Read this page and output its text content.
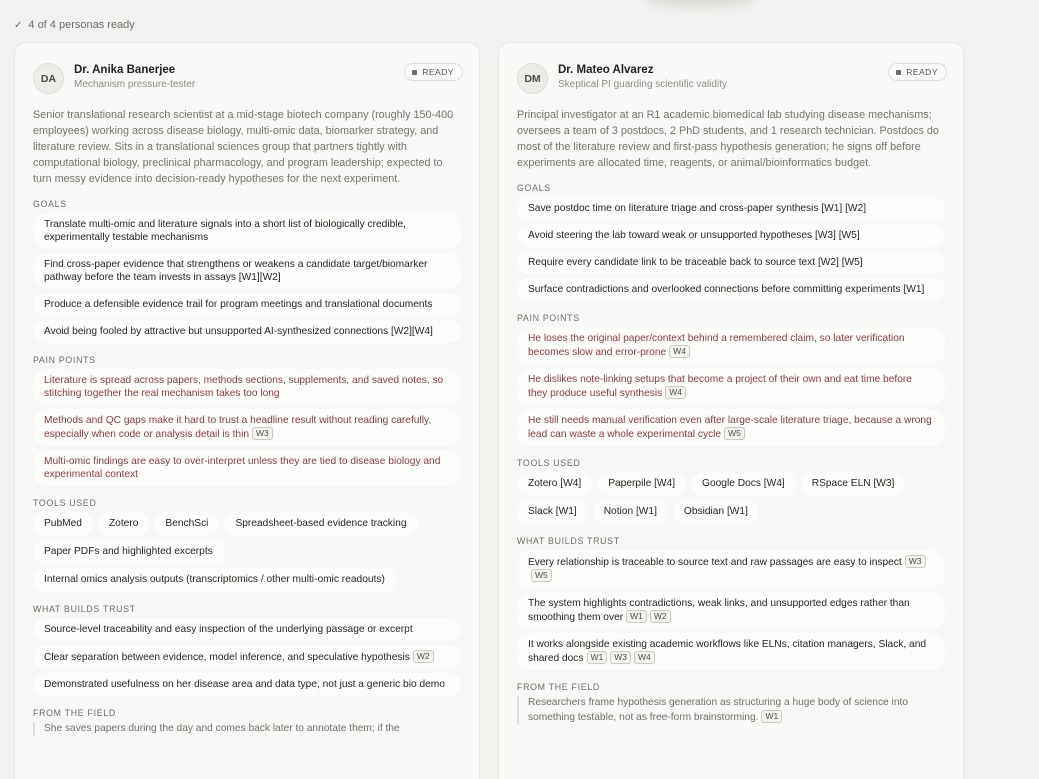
✓ 4 of 4 personas ready
DA
Dr. Anika Banerjee
Mechanism pressure-tester
READY

Senior translational research scientist at a mid-stage biotech company (roughly 150-400 employees) working across disease biology, multi-omic data, biomarker strategy, and literature review. Sits in a translational sciences group that partners tightly with computational biology, preclinical pharmacology, and program leadership; expected to turn messy evidence into decision-ready hypotheses for the next experiment.

GOALS
Translate multi-omic and literature signals into a short list of biologically credible, experimentally testable mechanisms
Find cross-paper evidence that strengthens or weakens a candidate target/biomarker pathway before the team invests in assays [W1][W2]
Produce a defensible evidence trail for program meetings and translational documents
Avoid being fooled by attractive but unsupported AI-synthesized connections [W2][W4]
PAIN POINTS
Literature is spread across papers, methods sections, supplements, and saved notes, so stitching together the real mechanism takes too long
Methods and QC gaps make it hard to trust a headline result without reading carefully, especially when code or analysis detail is thin W3
Multi-omic findings are easy to over-interpret unless they are tied to disease biology and experimental context
TOOLS USED
PubMed	Zotero	BenchSci	Spreadsheet-based evidence tracking
Paper PDFs and highlighted excerpts
Internal omics analysis outputs (transcriptomics / other multi-omic readouts)
WHAT BUILDS TRUST
Source-level traceability and easy inspection of the underlying passage or excerpt
Clear separation between evidence, model inference, and speculative hypothesis W2
Demonstrated usefulness on her disease area and data type, not just a generic bio demo
FROM THE FIELD
She saves papers during the day and comes back later to annotate them; if the
DM
Dr. Mateo Alvarez
Skeptical PI guarding scientific validity
READY

Principal investigator at an R1 academic biomedical lab studying disease mechanisms; oversees a team of 3 postdocs, 2 PhD students, and 1 research technician. Postdocs do most of the literature review and first-pass hypothesis generation; he signs off before experiments are allocated time, reagents, or animal/bioinformatics budget.

GOALS
Save postdoc time on literature triage and cross-paper synthesis [W1] [W2]
Avoid steering the lab toward weak or unsupported hypotheses [W3] [W5]
Require every candidate link to be traceable back to source text [W2] [W5]
Surface contradictions and overlooked connections before committing experiments [W1]
PAIN POINTS
He loses the original paper/context behind a remembered claim, so later verification becomes slow and error-prone W4
He dislikes note-linking setups that become a project of their own and eat time before they produce useful synthesis W4
He still needs manual verification even after large-scale literature triage, because a wrong lead can waste a whole experimental cycle W5
TOOLS USED
Zotero [W4]	Paperpile [W4]	Google Docs [W4]	RSpace ELN [W3]
Slack [W1]	Notion [W1]	Obsidian [W1]
WHAT BUILDS TRUST
Every relationship is traceable to source text and raw passages are easy to inspect W3W5
The system highlights contradictions, weak links, and unsupported edges rather than smoothing them over W1 W2
It works alongside existing academic workflows like ELNs, citation managers, Slack, and shared docs W1 W3 W4
FROM THE FIELD
Researchers frame hypothesis generation as structuring a huge body of science into something testable, not as free-form brainstorming. W1
